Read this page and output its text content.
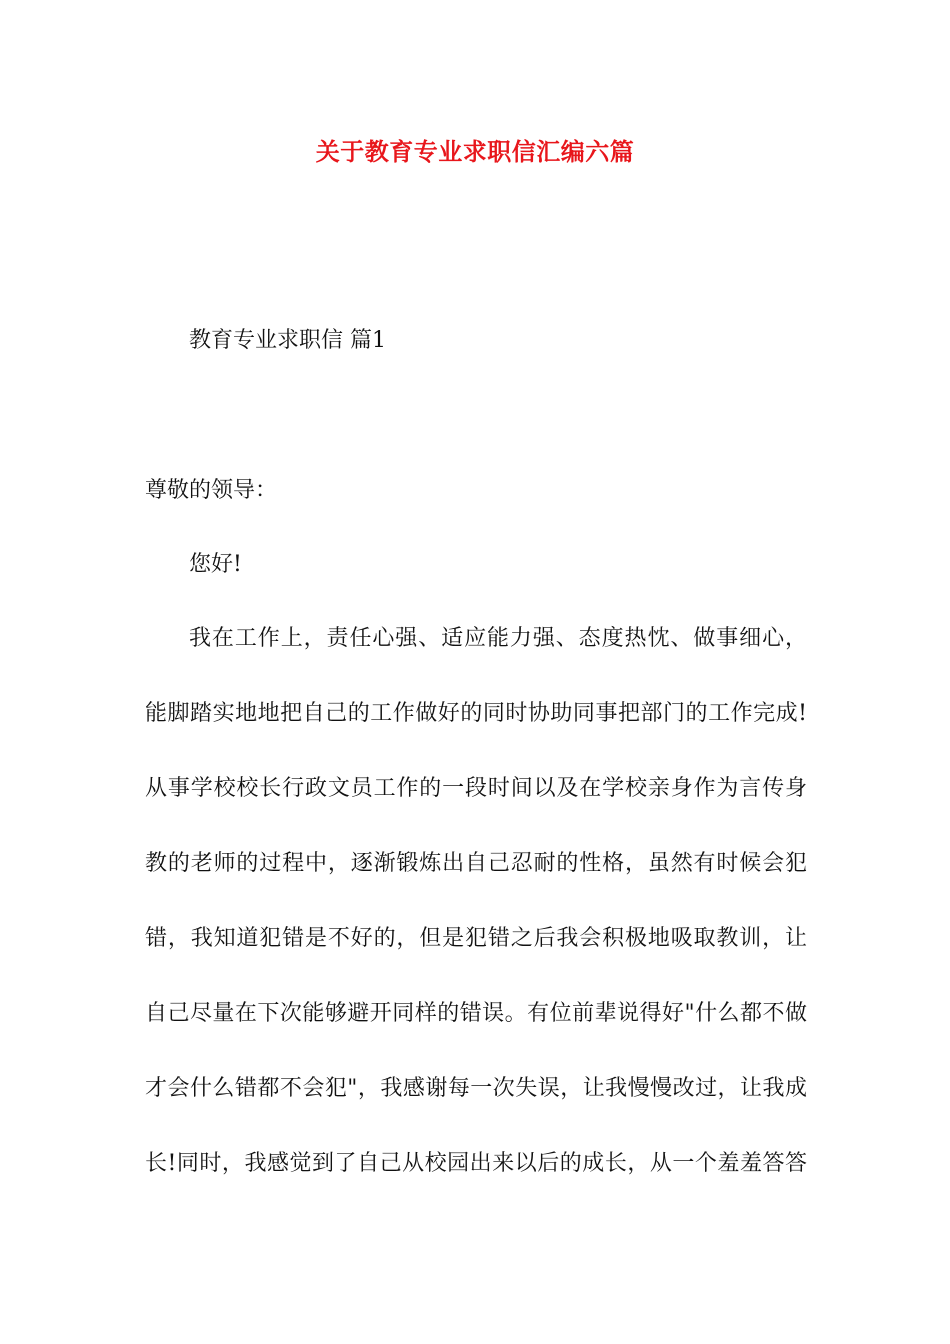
关于教育专业求职信汇编六篇
教育专业求职信 篇1
尊敬的领导：
您好!
我在工作上，责任心强、适应能力强、态度热忱、做事细心，
能脚踏实地地把自己的工作做好的同时协助同事把部门的工作完成!
从事学校校长行政文员工作的一段时间以及在学校亲身作为言传身
教的老师的过程中，逐渐锻炼出自己忍耐的性格，虽然有时候会犯
错，我知道犯错是不好的，但是犯错之后我会积极地吸取教训，让
自己尽量在下次能够避开同样的错误。有位前辈说得好"什么都不做
才会什么错都不会犯"，我感谢每一次失误，让我慢慢改过，让我成
长!同时，我感觉到了自己从校园出来以后的成长，从一个羞羞答答
